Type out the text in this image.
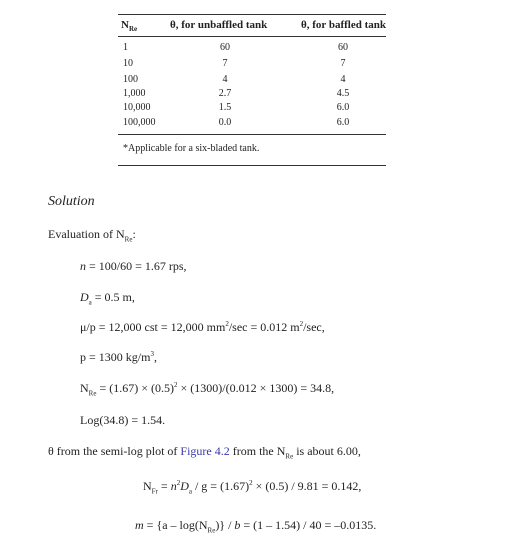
$N_{Re}$	θ, for unbaffled tank	θ, for baffled tank
1	60	60
10	7	7
100	4	4
1,000	2.7	4.5
10,000	1.5	6.0
100,000	0.0	6.0
*Applicable for a six-bladed tank.
Solution
Evaluation of $N_{Re}$:
n = 100/60 = 1.67 rps,
$D_a = 0.5$ m,
μ/p = 12,000 cst = 12,000 $mm^2/\sec = 0.012$ $m^2/\sec$,
p = 1300 $kg/m^3$,
$N_{Re} = (1.67) \times (0.5)^2 \times (1300)/(0.012 \times 1300) = 34.8$,
Log(34.8) = 1.54.
θ from the semi-log plot of Figure 4.2 from the $N_{Re}$ is about 6.00,
$N_{Fr} = n^2D_a / g = (1.67)^2 \times (0.5) / 9.81 = 0.142$,
$m = \{a - \log(N_{Re})\} / b = (1 - 1.54) / 40 = -0.0135$.
